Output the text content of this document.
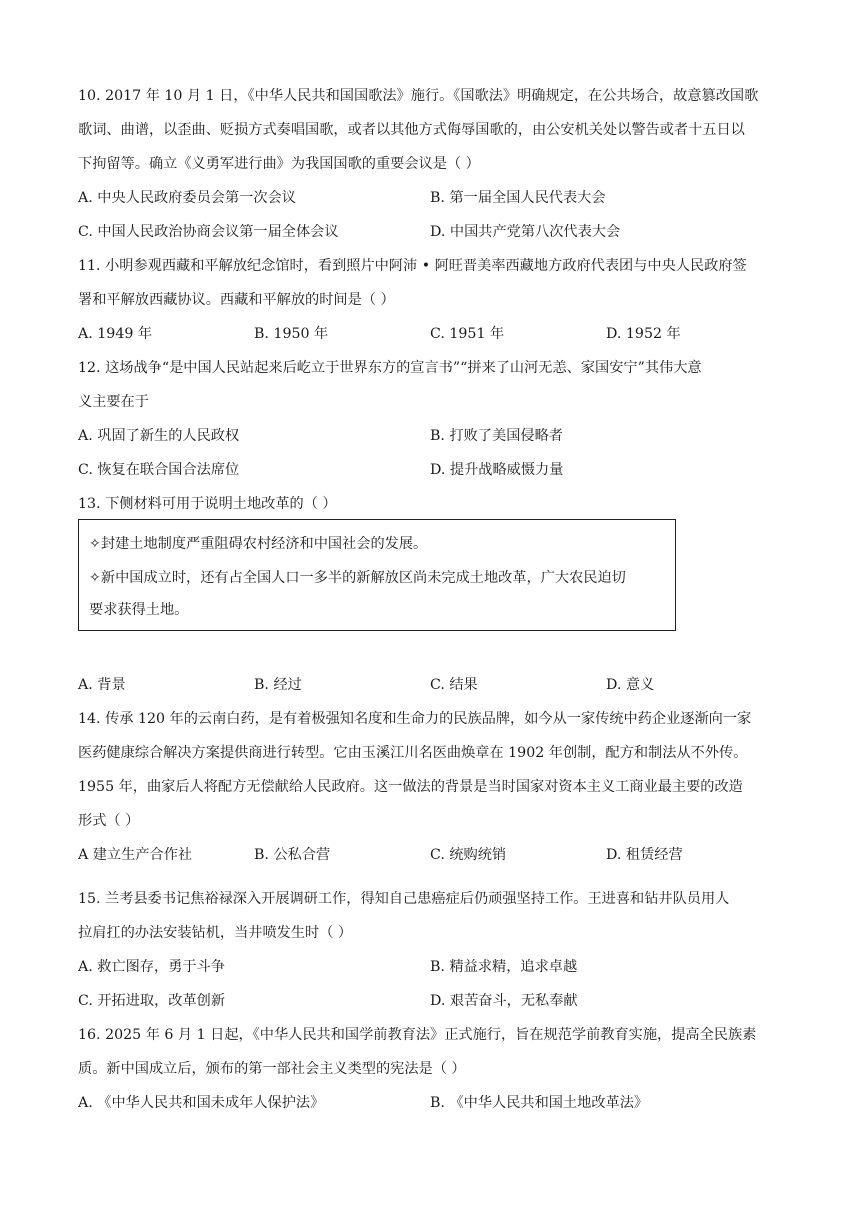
10. 2017 年 10 月 1 日，《中华人民共和国国歌法》施行。《国歌法》明确规定，在公共场合，故意篡改国歌
歌词、曲谱，以歪曲、贬损方式奏唱国歌，或者以其他方式侮辱国歌的，由公安机关处以警告或者十五日以
下拘留等。确立《义勇军进行曲》为我国国歌的重要会议是（ ）
A. 中央人民政府委员会第一次会议	B. 第一届全国人民代表大会
C. 中国人民政治协商会议第一届全体会议	D. 中国共产党第八次代表大会
11. 小明参观西藏和平解放纪念馆时，看到照片中阿沛 • 阿旺晋美率西藏地方政府代表团与中央人民政府签
署和平解放西藏协议。西藏和平解放的时间是（ ）
A. 1949 年	B. 1950 年	C. 1951 年	D. 1952 年
12. 这场战争“是中国人民站起来后屹立于世界东方的宣言书”“拼来了山河无恙、家国安宁”其伟大意
义主要在于
A. 巩固了新生的人民政权	B. 打败了美国侵略者
C. 恢复在联合国合法席位	D. 提升战略威慑力量
13. 下侧材料可用于说明土地改革的（ ）
✧封建土地制度严重阻碍农村经济和中国社会的发展。
✧新中国成立时，还有占全国人口一多半的新解放区尚未完成土地改革，广大农民迫切
要求获得土地。
A. 背景	B. 经过	C. 结果	D. 意义
14. 传承 120 年的云南白药，是有着极强知名度和生命力的民族品牌，如今从一家传统中药企业逐渐向一家
医药健康综合解决方案提供商进行转型。它由玉溪江川名医曲焕章在 1902 年创制，配方和制法从不外传。
1955 年，曲家后人将配方无偿献给人民政府。这一做法的背景是当时国家对资本主义工商业最主要的改造
形式（ ）
A 建立生产合作社	B. 公私合营	C. 统购统销	D. 租赁经营
15. 兰考县委书记焦裕禄深入开展调研工作，得知自己患癌症后仍顽强坚持工作。王进喜和钻井队员用人
拉肩扛的办法安装钻机，当井喷发生时（ ）
A. 救亡图存，勇于斗争	B. 精益求精，追求卓越
C. 开拓进取，改革创新	D. 艰苦奋斗，无私奉献
16. 2025 年 6 月 1 日起，《中华人民共和国学前教育法》正式施行，旨在规范学前教育实施，提高全民族素
质。新中国成立后，颁布的第一部社会主义类型的宪法是（ ）
A. 《中华人民共和国未成年人保护法》	B. 《中华人民共和国土地改革法》
